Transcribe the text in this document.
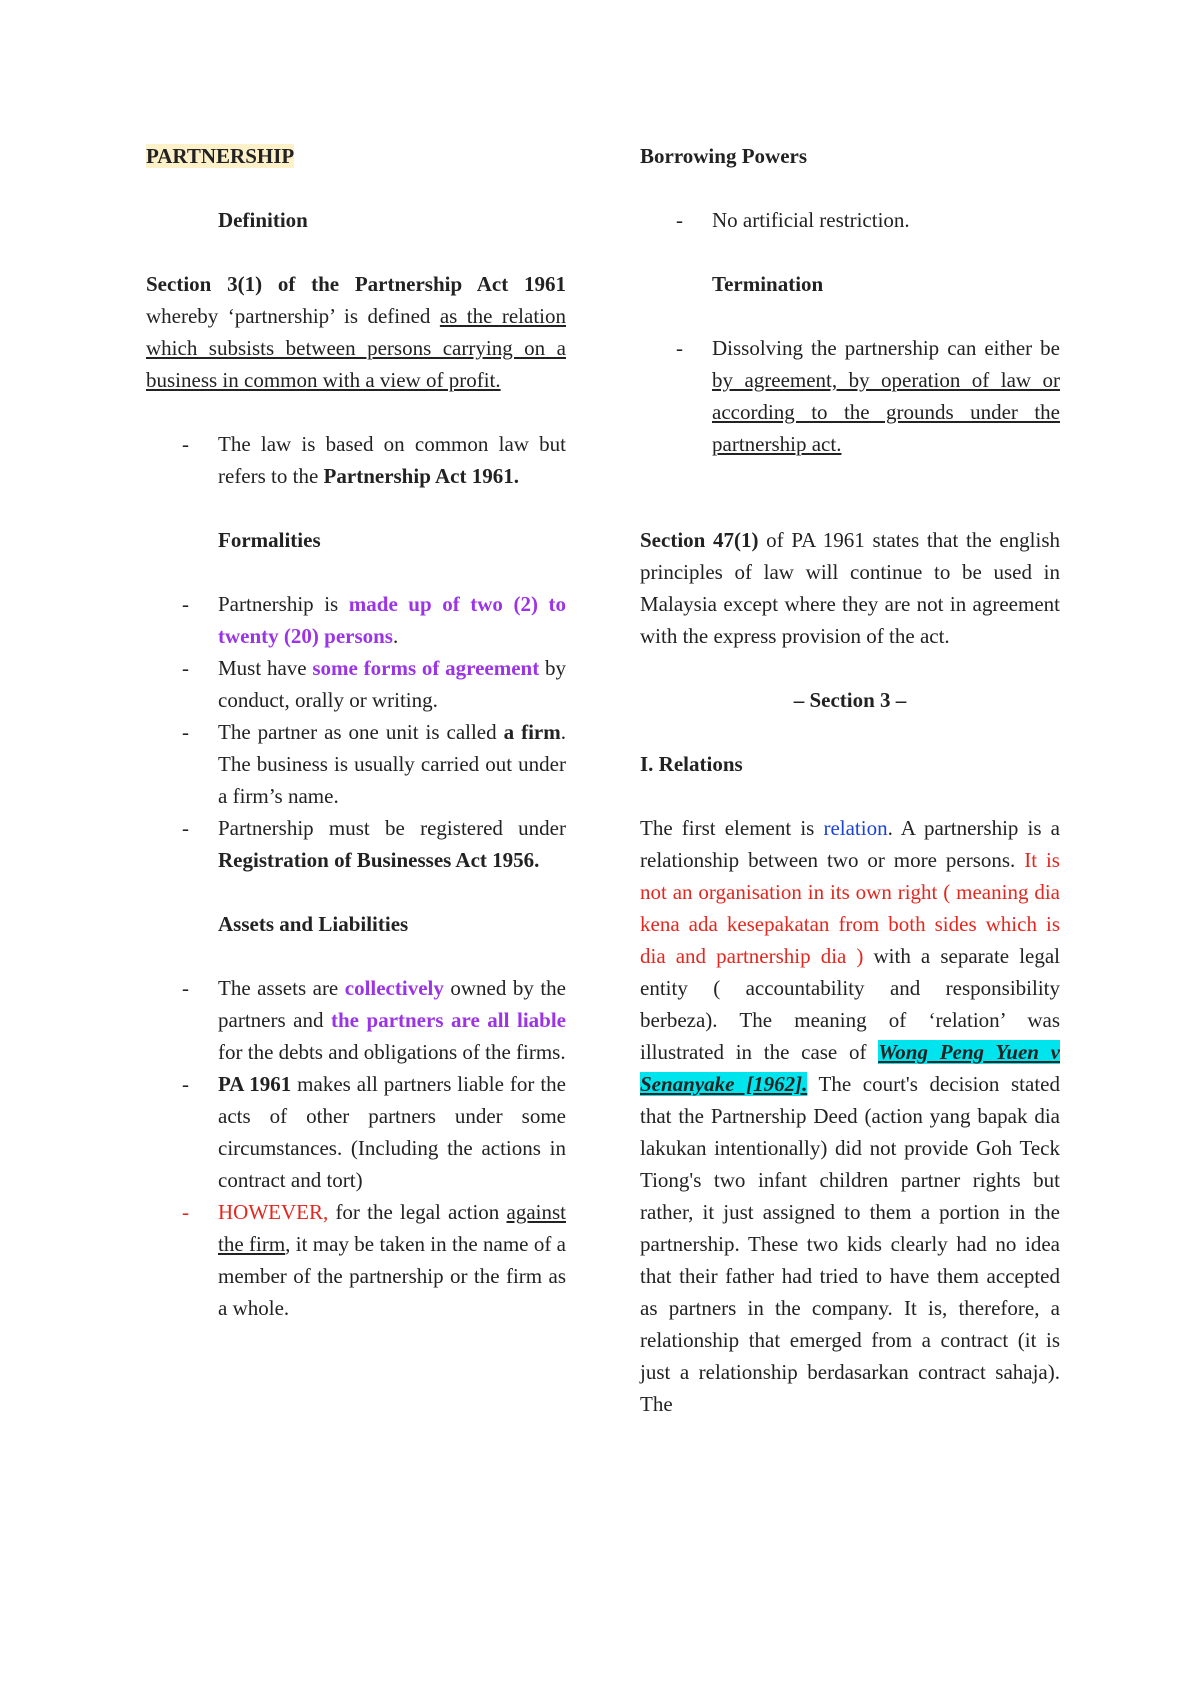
PARTNERSHIP

Definition

Section 3(1) of the Partnership Act 1961 whereby ‘partnership’ is defined as the relation which subsists between persons carrying on a business in common with a view of profit.

- The law is based on common law but refers to the Partnership Act 1961.

Formalities

- Partnership is made up of two (2) to twenty (20) persons.
- Must have some forms of agreement by conduct, orally or writing.
- The partner as one unit is called a firm. The business is usually carried out under a firm’s name.
- Partnership must be registered under Registration of Businesses Act 1956.

Assets and Liabilities

- The assets are collectively owned by the partners and the partners are all liable for the debts and obligations of the firms.
- PA 1961 makes all partners liable for the acts of other partners under some circumstances. (Including the actions in contract and tort)
- HOWEVER, for the legal action against the firm, it may be taken in the name of a member of the partnership or the firm as a whole.

Borrowing Powers

- No artificial restriction.

Termination

- Dissolving the partnership can either be by agreement, by operation of law or according to the grounds under the partnership act.

Section 47(1) of PA 1961 states that the english principles of law will continue to be used in Malaysia except where they are not in agreement with the express provision of the act.

– Section 3 –

I. Relations

The first element is relation. A partnership is a relationship between two or more persons. It is not an organisation in its own right ( meaning dia kena ada kesepakatan from both sides which is dia and partnership dia ) with a separate legal entity ( accountability and responsibility berbeza). The meaning of ‘relation’ was illustrated in the case of Wong Peng Yuen v Senanyake [1962]. The court's decision stated that the Partnership Deed (action yang bapak dia lakukan intentionally) did not provide Goh Teck Tiong's two infant children partner rights but rather, it just assigned to them a portion in the partnership. These two kids clearly had no idea that their father had tried to have them accepted as partners in the company. It is, therefore, a relationship that emerged from a contract (it is just a relationship berdasarkan contract sahaja). The
